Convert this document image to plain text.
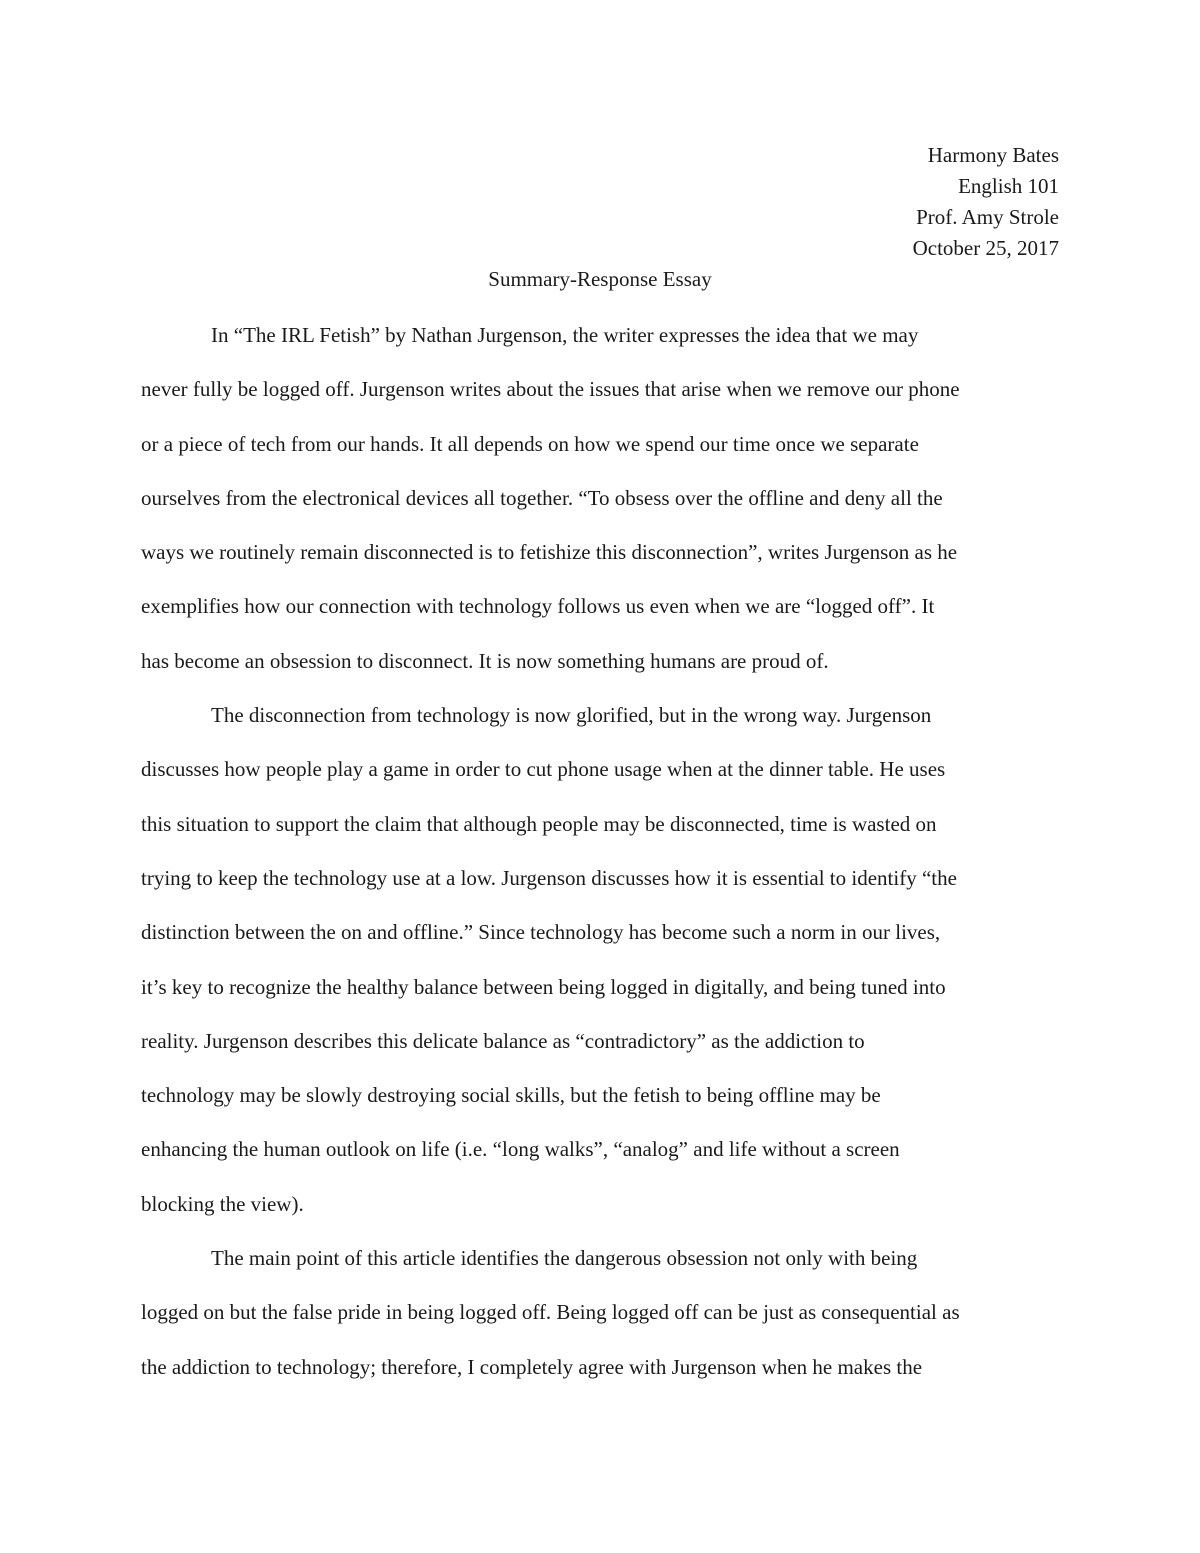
Harmony Bates
English 101
Prof. Amy Strole
October 25, 2017
Summary-Response Essay
In “The IRL Fetish” by Nathan Jurgenson, the writer expresses the idea that we may
never fully be logged off. Jurgenson writes about the issues that arise when we remove our phone
or a piece of tech from our hands. It all depends on how we spend our time once we separate
ourselves from the electronical devices all together. “To obsess over the offline and deny all the
ways we routinely remain disconnected is to fetishize this disconnection”, writes Jurgenson as he
exemplifies how our connection with technology follows us even when we are “logged off”. It
has become an obsession to disconnect. It is now something humans are proud of.
The disconnection from technology is now glorified, but in the wrong way. Jurgenson
discusses how people play a game in order to cut phone usage when at the dinner table. He uses
this situation to support the claim that although people may be disconnected, time is wasted on
trying to keep the technology use at a low. Jurgenson discusses how it is essential to identify “the
distinction between the on and offline.” Since technology has become such a norm in our lives,
it’s key to recognize the healthy balance between being logged in digitally, and being tuned into
reality. Jurgenson describes this delicate balance as “contradictory” as the addiction to
technology may be slowly destroying social skills, but the fetish to being offline may be
enhancing the human outlook on life (i.e. “long walks”, “analog” and life without a screen
blocking the view).
The main point of this article identifies the dangerous obsession not only with being
logged on but the false pride in being logged off. Being logged off can be just as consequential as
the addiction to technology; therefore, I completely agree with Jurgenson when he makes the
